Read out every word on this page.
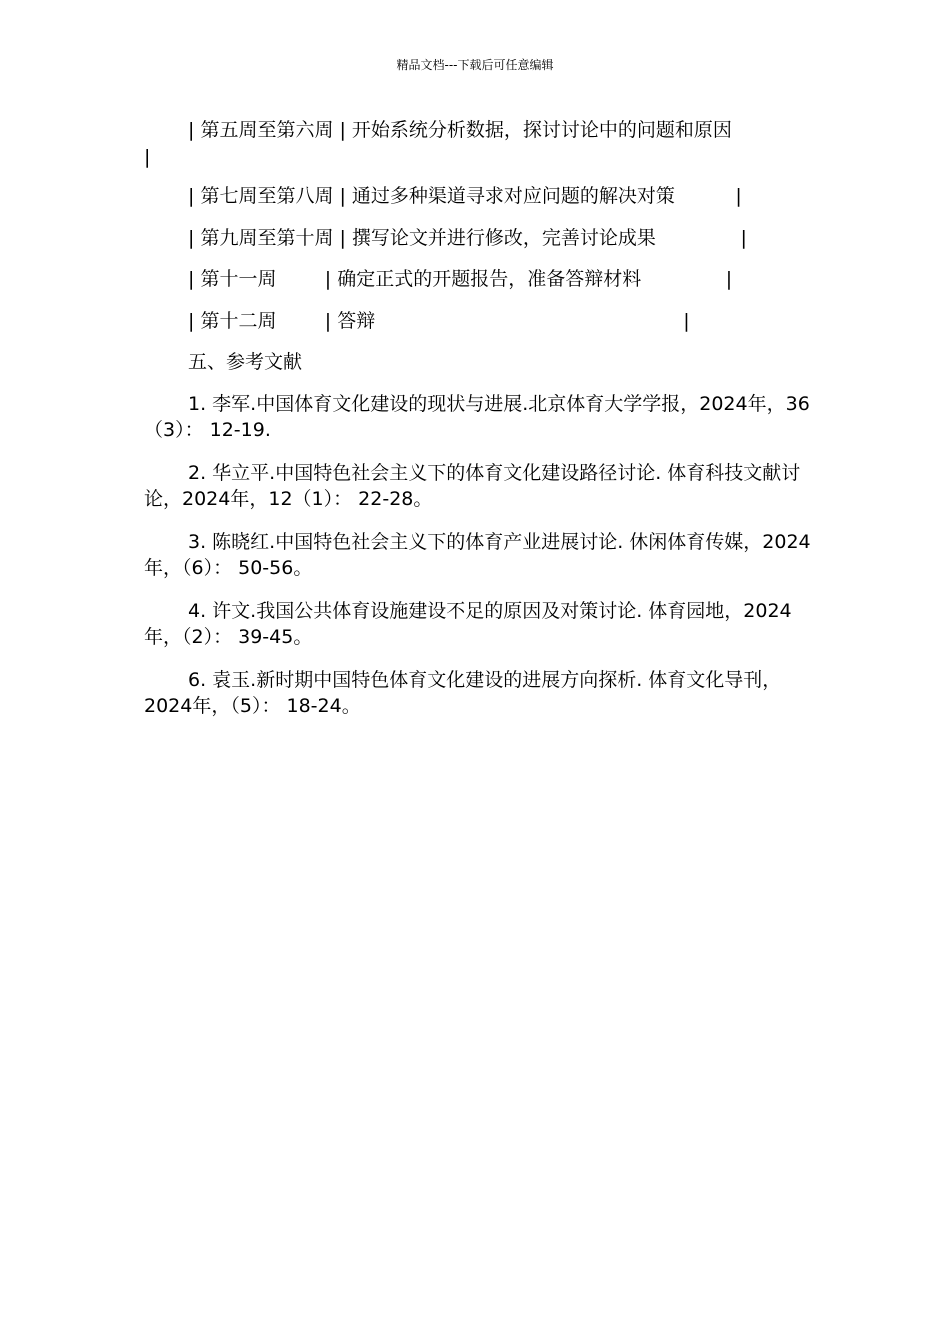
精品文档---下载后可任意编辑
| 第五周至第六周 | 开始系统分析数据，探讨讨论中的问题和原因
|
| 第七周至第八周 | 通过多种渠道寻求对应问题的解决对策          |
| 第九周至第十周 | 撰写论文并进行修改，完善讨论成果              |
| 第十一周        | 确定正式的开题报告，准备答辩材料              |
| 第十二周        | 答辩                                                   |
五、参考文献
1. 李军.中国体育文化建设的现状与进展.北京体育大学学报，2024年，36（3）： 12-19.
2. 华立平.中国特色社会主义下的体育文化建设路径讨论. 体育科技文献讨论，2024年，12（1）： 22-28。
3. 陈晓红.中国特色社会主义下的体育产业进展讨论. 休闲体育传媒，2024年，（6）： 50-56。
4. 许文.我国公共体育设施建设不足的原因及对策讨论. 体育园地，2024年，（2）： 39-45。
6. 袁玉.新时期中国特色体育文化建设的进展方向探析. 体育文化导刊，2024年，（5）： 18-24。
